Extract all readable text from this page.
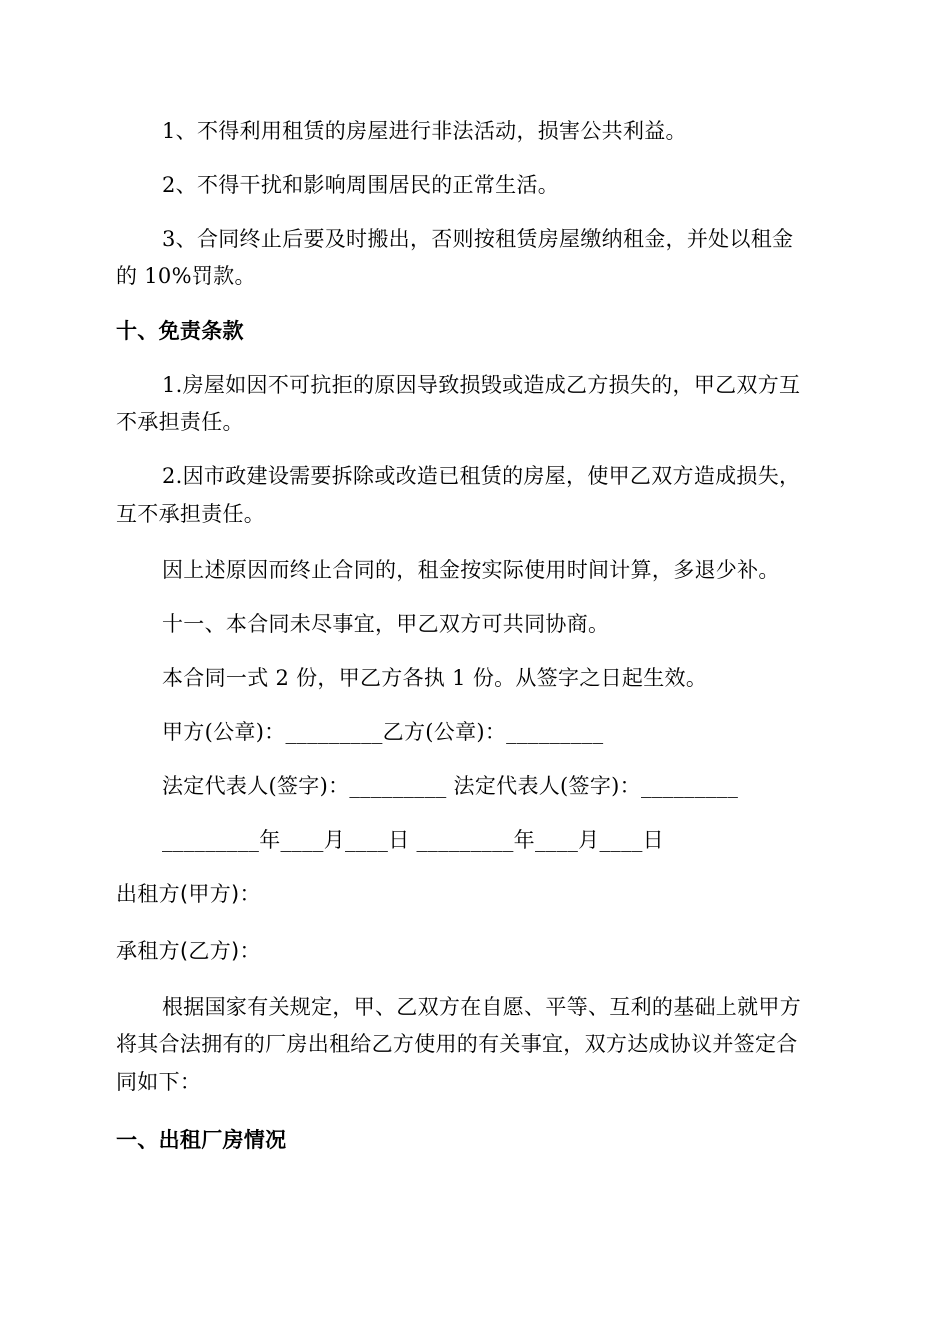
1、不得利用租赁的房屋进行非法活动，损害公共利益。
2、不得干扰和影响周围居民的正常生活。
3、合同终止后要及时搬出，否则按租赁房屋缴纳租金，并处以租金
的 10%罚款。
十、免责条款
1.房屋如因不可抗拒的原因导致损毁或造成乙方损失的，甲乙双方互
不承担责任。
2.因市政建设需要拆除或改造已租赁的房屋，使甲乙双方造成损失，
互不承担责任。
因上述原因而终止合同的，租金按实际使用时间计算，多退少补。
十一、本合同未尽事宜，甲乙双方可共同协商。
本合同一式 2 份，甲乙方各执 1 份。从签字之日起生效。
甲方(公章)：_________乙方(公章)：_________
法定代表人(签字)：_________ 法定代表人(签字)：_________
_________年____月____日 _________年____月____日
出租方(甲方)：
承租方(乙方)：
根据国家有关规定，甲、乙双方在自愿、平等、互利的基础上就甲方
将其合法拥有的厂房出租给乙方使用的有关事宜，双方达成协议并签定合
同如下：
一、出租厂房情况
